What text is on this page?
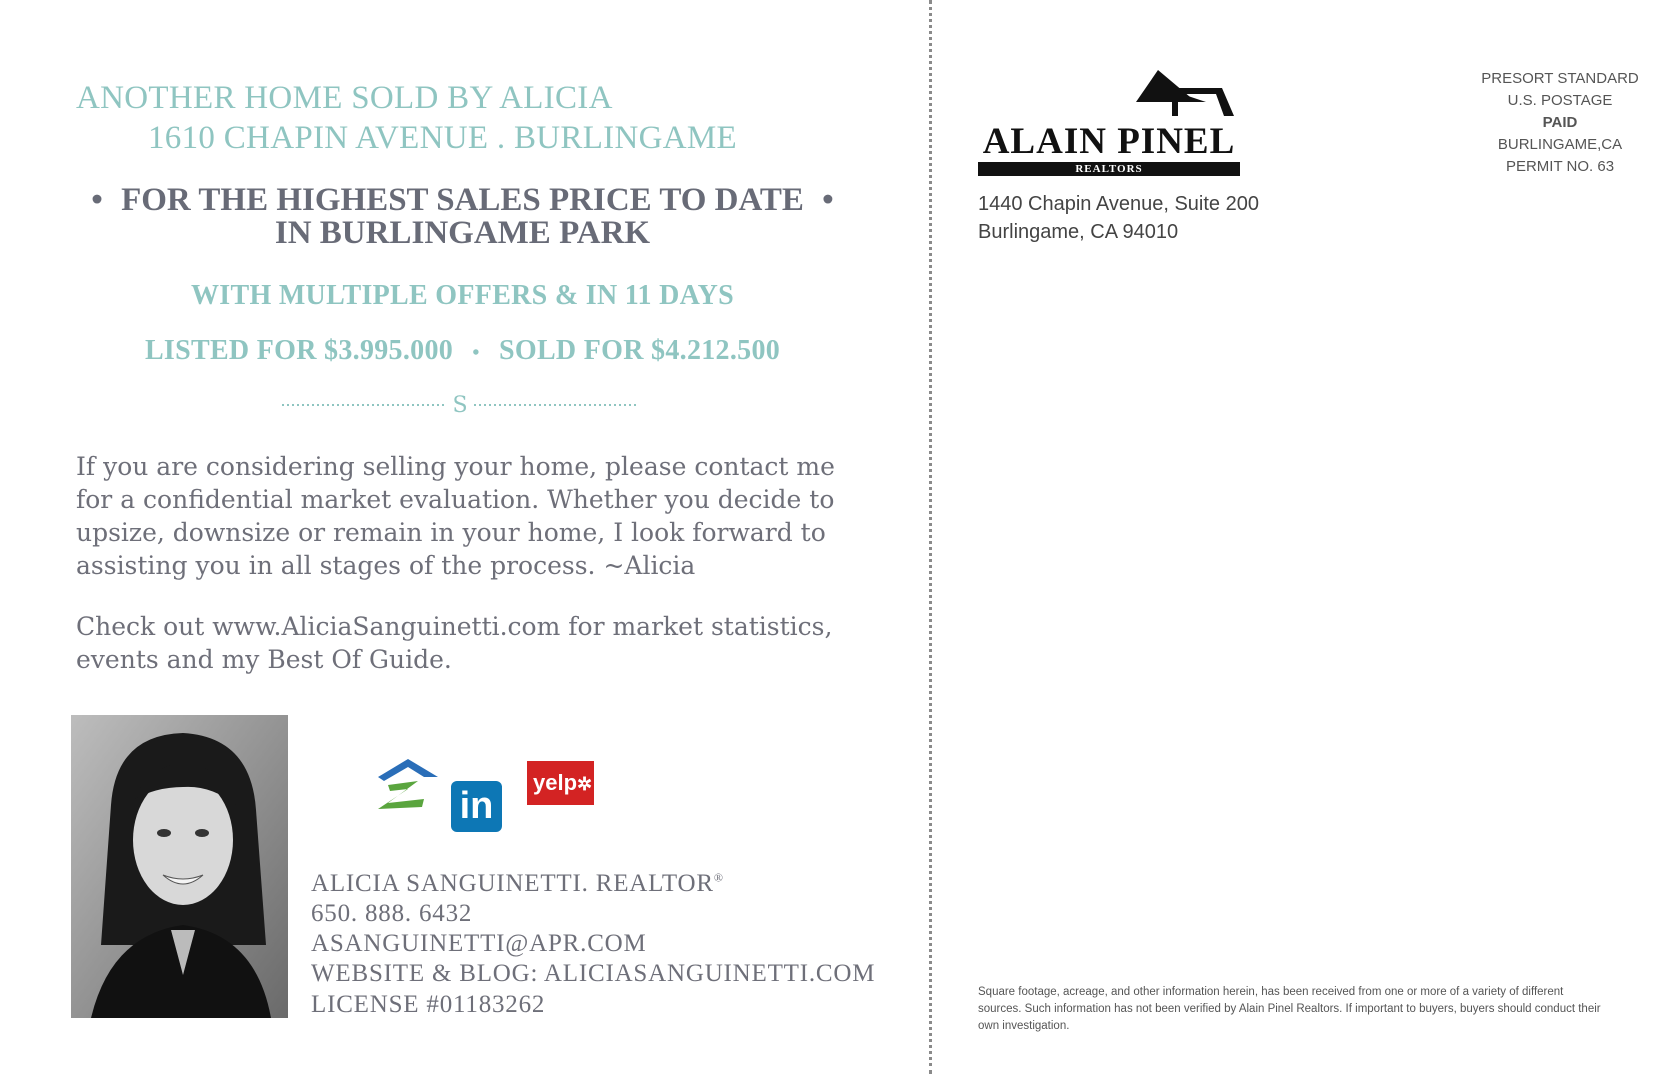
ANOTHER HOME SOLD BY ALICIA
1610 CHAPIN AVENUE . BURLINGAME
• FOR THE HIGHEST SALES PRICE TO DATE •
IN BURLINGAME PARK
WITH MULTIPLE OFFERS & IN 11 DAYS
LISTED FOR $3.995.000 • SOLD FOR $4.212.500
S
If you are considering selling your home, please contact me for a confidential market evaluation. Whether you decide to upsize, downsize or remain in your home, I look forward to assisting you in all stages of the process. ~Alicia
Check out www.AliciaSanguinetti.com for market statistics, events and my Best Of Guide.
in
yelp✲
ALICIA SANGUINETTI. REALTOR®
650. 888. 6432
ASANGUINETTI@APR.COM
WEBSITE & BLOG: ALICIASANGUINETTI.COM
LICENSE #01183262
ALAIN PINEL
REALTORS
1440 Chapin Avenue, Suite 200
Burlingame, CA 94010
PRESORT STANDARD
U.S. POSTAGE
PAID
BURLINGAME,CA
PERMIT NO. 63
Square footage, acreage, and other information herein, has been received from one or more of a variety of different sources. Such information has not been verified by Alain Pinel Realtors. If important to buyers, buyers should conduct their own investigation.
